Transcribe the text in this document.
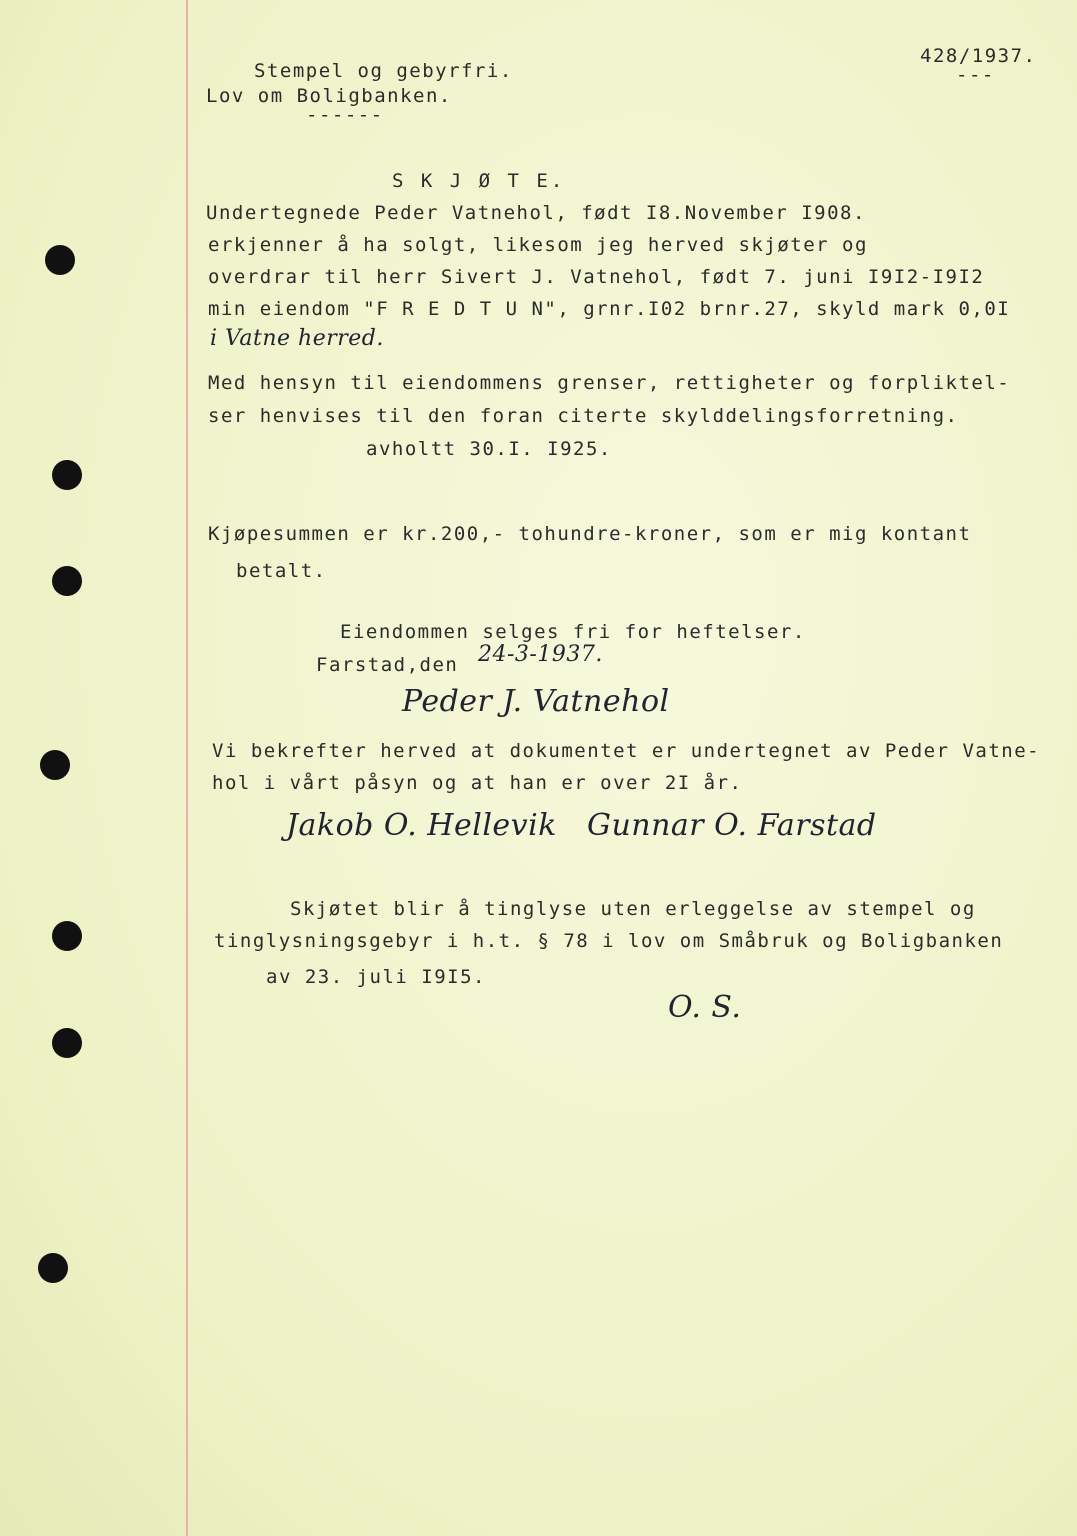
Stempel og gebyrfri.
Lov om Boligbanken.
------
428/1937.
---
S K J Ø T E.
Undertegnede Peder Vatnehol, født I8.November I908.
erkjenner å ha solgt, likesom jeg herved skjøter og
overdrar til herr Sivert J. Vatnehol, født 7. juni I9I2-I9I2
min eiendom "F R E D T U N", grnr.I02 brnr.27, skyld mark 0,0I
i Vatne herred.
Med hensyn til eiendommens grenser, rettigheter og forpliktel-
ser henvises til den foran citerte skylddelingsforretning.
avholtt 30.I. I925.
Kjøpesummen er kr.200,- tohundre-kroner, som er mig kontant
betalt.
Eiendommen selges fri for heftelser.
Farstad,den 24-3-1937.
Peder J. Vatnehol
Vi bekrefter herved at dokumentet er undertegnet av Peder Vatne-
hol i vårt påsyn og at han er over 2I år.
Jakob O. Hellevik   Gunnar O. Farstad
Skjøtet blir å tinglyse uten erleggelse av stempel og
tinglysningsgebyr i h.t. § 78 i lov om Småbruk og Boligbanken
av 23. juli I9I5.
O. S.
